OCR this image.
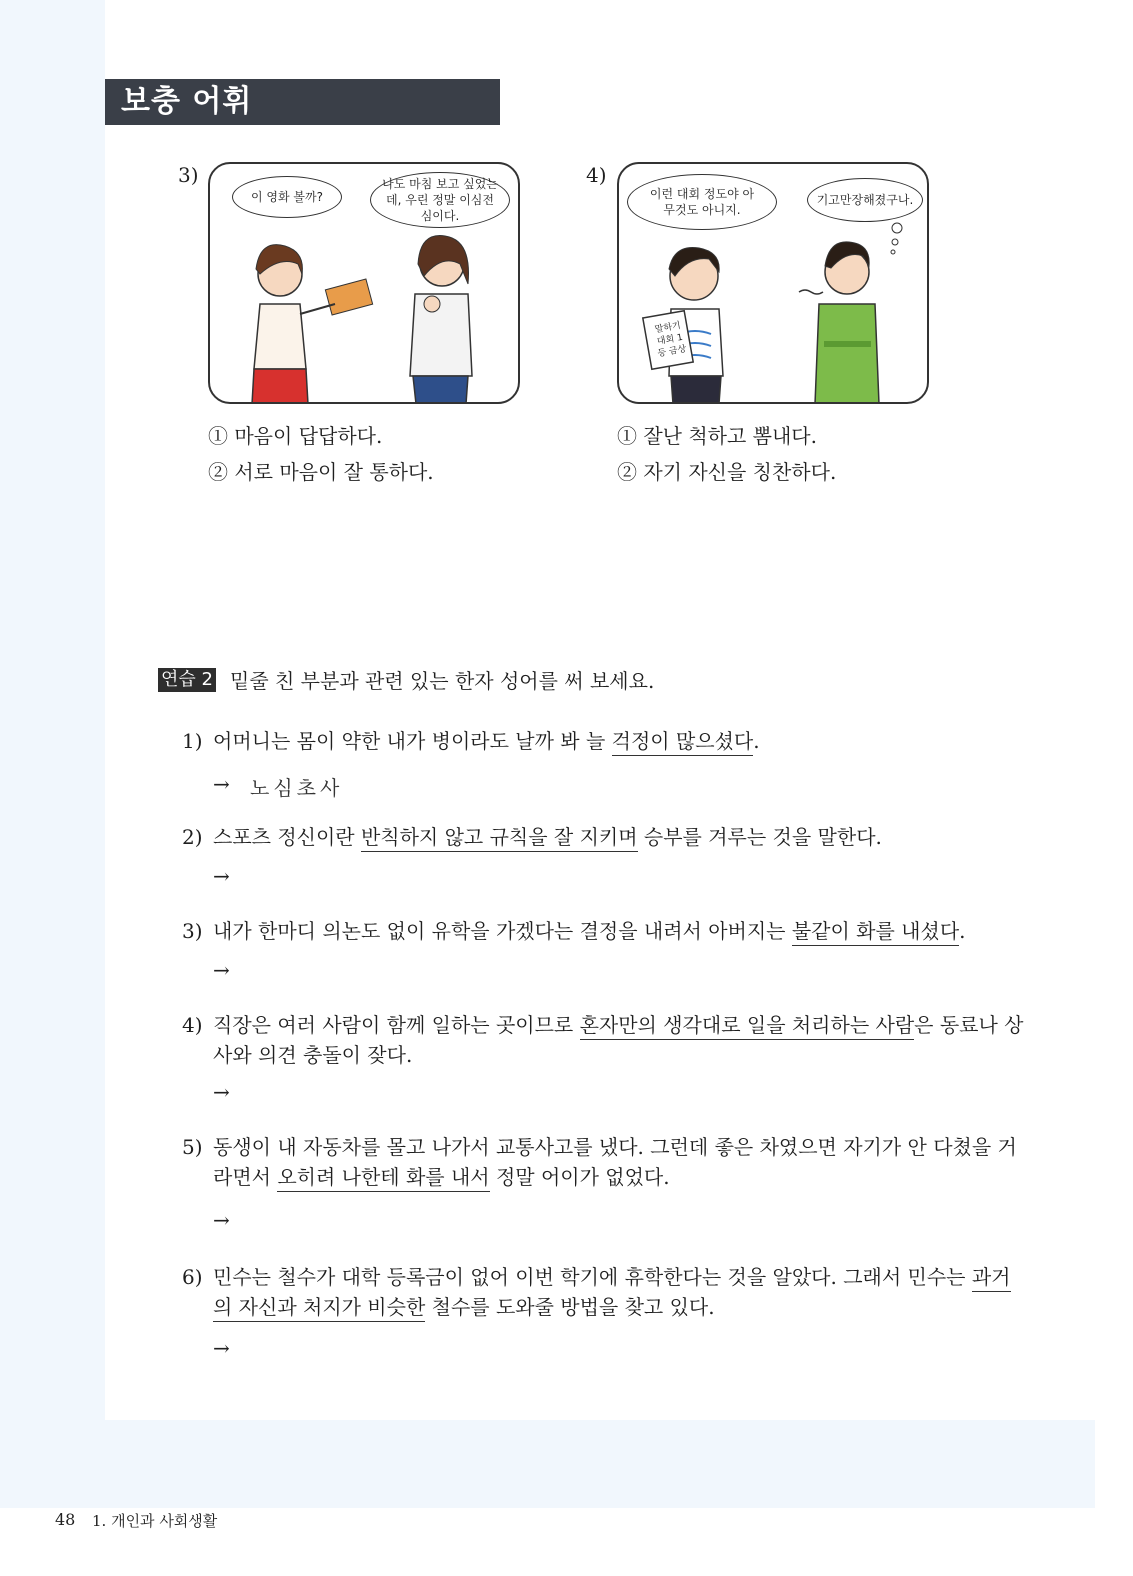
보충 어휘
3)
이 영화 볼까?
나도 마침 보고 싶었는데, 우린 정말 이심전심이다.
① 마음이 답답하다.
② 서로 마음이 잘 통하다.
4)
말하기 대회 1등 금상
이런 대회 정도야 아무것도 아니지.
기고만장해졌구나.
① 잘난 척하고 뽐내다.
② 자기 자신을 칭찬하다.
연습 2 밑줄 친 부분과 관련 있는 한자 성어를 써 보세요.
1) 어머니는 몸이 약한 내가 병이라도 날까 봐 늘 걱정이 많으셨다.
→ 노심초사
2) 스포츠 정신이란 반칙하지 않고 규칙을 잘 지키며 승부를 겨루는 것을 말한다.
→
3) 내가 한마디 의논도 없이 유학을 가겠다는 결정을 내려서 아버지는 불같이 화를 내셨다.
→
4) 직장은 여러 사람이 함께 일하는 곳이므로 혼자만의 생각대로 일을 처리하는 사람은 동료나 상사와 의견 충돌이 잦다.
→
5) 동생이 내 자동차를 몰고 나가서 교통사고를 냈다. 그런데 좋은 차였으면 자기가 안 다쳤을 거라면서 오히려 나한테 화를 내서 정말 어이가 없었다.
→
6) 민수는 철수가 대학 등록금이 없어 이번 학기에 휴학한다는 것을 알았다. 그래서 민수는 과거의 자신과 처지가 비슷한 철수를 도와줄 방법을 찾고 있다.
→
48 1. 개인과 사회생활
